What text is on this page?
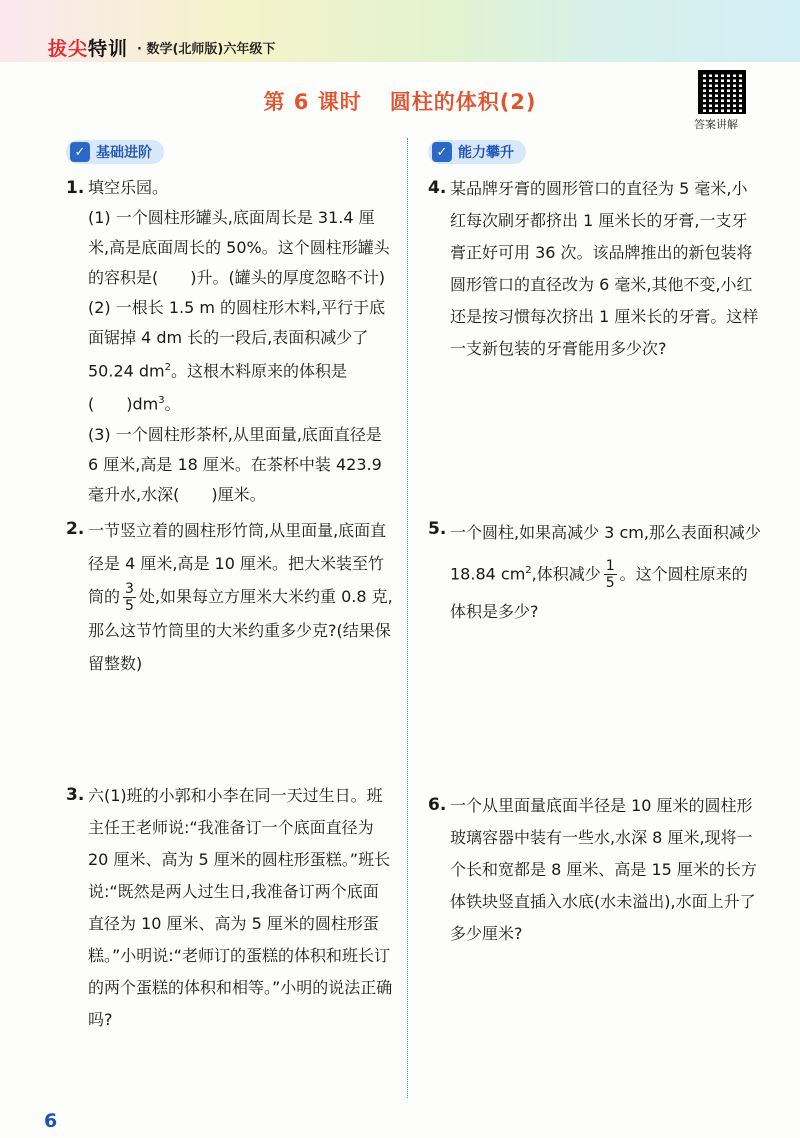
拔尖特训 · 数学(北师版)六年级下
第 6 课时 圆柱的体积(2)
答案讲解
✓ 基础进阶	✓ 能力攀升
1. 填空乐园。

(1) 一个圆柱形罐头,底面周长是 31.4 厘米,高是底面周长的 50%。这个圆柱形罐头的容积是(　　)升。(罐头的厚度忽略不计)

(2) 一根长 1.5 m 的圆柱形木料,平行于底面锯掉 4 dm 长的一段后,表面积减少了 50.24 $dm^2$。这根木料原来的体积是(　　)$dm^3$。

(3) 一个圆柱形茶杯,从里面量,底面直径是 6 厘米,高是 18 厘米。在茶杯中装 423.9 毫升水,水深(　　)厘米。

2. 一节竖立着的圆柱形竹筒,从里面量,底面直径是 4 厘米,高是 10 厘米。把大米装至竹筒的 $\frac{3}{5}$ 处,如果每立方厘米大米约重 0.8 克,那么这节竹筒里的大米约重多少克?(结果保留整数)

3. 六(1)班的小郭和小李在同一天过生日。班主任王老师说:“我准备订一个底面直径为 20 厘米、高为 5 厘米的圆柱形蛋糕。”班长说:“既然是两人过生日,我准备订两个底面直径为 10 厘米、高为 5 厘米的圆柱形蛋糕。”小明说:“老师订的蛋糕的体积和班长订的两个蛋糕的体积和相等。”小明的说法正确吗?

4. 某品牌牙膏的圆形管口的直径为 5 毫米,小红每次刷牙都挤出 1 厘米长的牙膏,一支牙膏正好可用 36 次。该品牌推出的新包装将圆形管口的直径改为 6 毫米,其他不变,小红还是按习惯每次挤出 1 厘米长的牙膏。这样一支新包装的牙膏能用多少次?

5. 一个圆柱,如果高减少 3 cm,那么表面积减少 18.84 $cm^2$,体积减少 $\frac{1}{5}$ 。这个圆柱原来的体积是多少?

6. 一个从里面量底面半径是 10 厘米的圆柱形玻璃容器中装有一些水,水深 8 厘米,现将一个长和宽都是 8 厘米、高是 15 厘米的长方体铁块竖直插入水底(水未溢出),水面上升了多少厘米?

6
